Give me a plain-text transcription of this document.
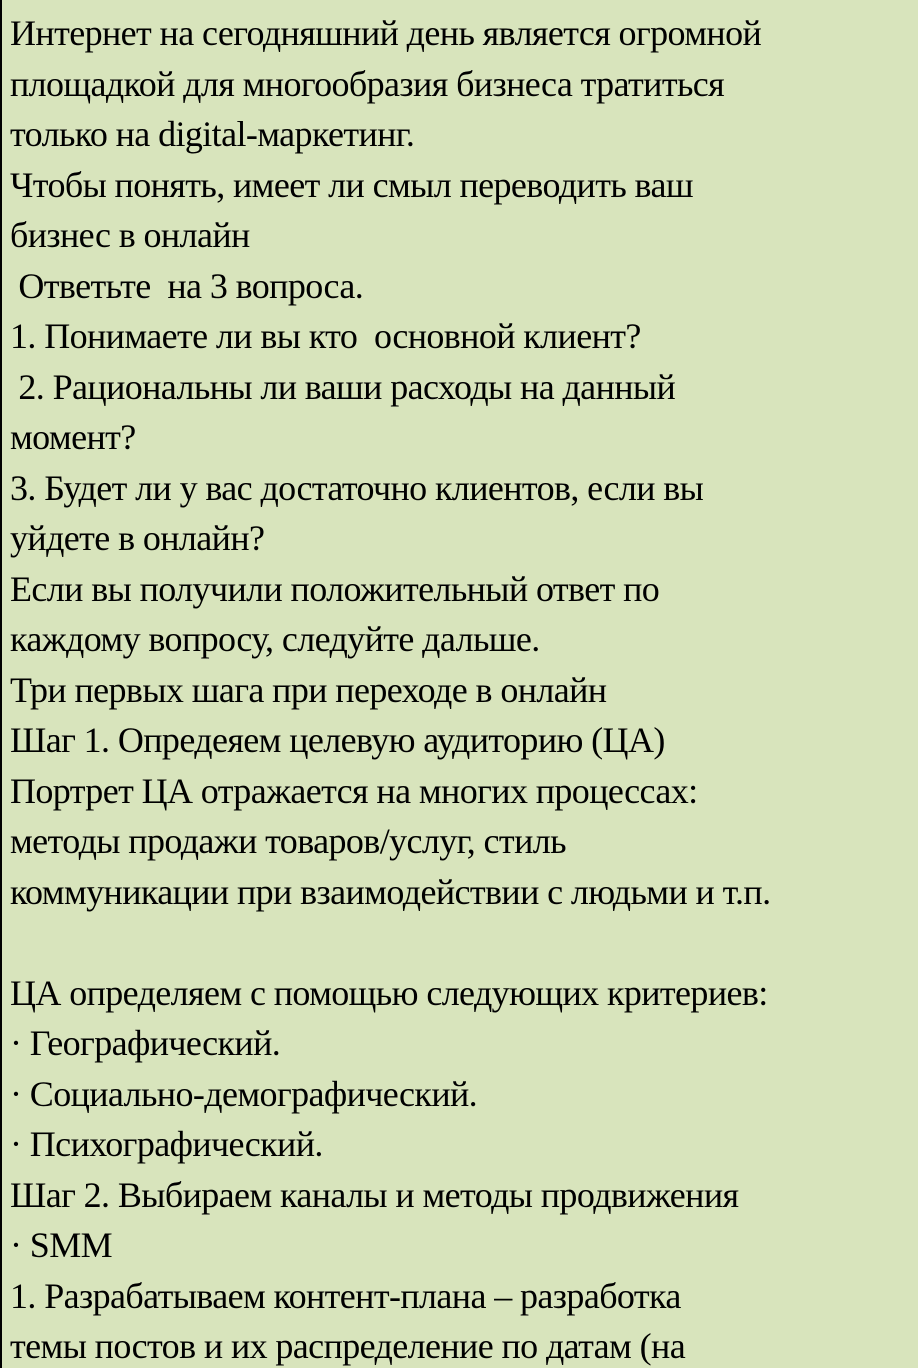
Интернет на сегодняшний день является огромной
площадкой для многообразия бизнеса тратиться
только на digital-маркетинг.
Чтобы понять, имеет ли смыл переводить ваш
бизнес в онлайн
Ответьте  на 3 вопроса.
1. Понимаете ли вы кто  основной клиент?
2. Рациональны ли ваши расходы на данный
момент?
3. Будет ли у вас достаточно клиентов, если вы
уйдете в онлайн?
Если вы получили положительный ответ по
каждому вопросу, следуйте дальше.
Три первых шага при переходе в онлайн
Шаг 1. Опредеяем целевую аудиторию (ЦА)
Портрет ЦА отражается на многих процессах:
методы продажи товаров/услуг, стиль
коммуникации при взаимодействии с людьми и т.п.
ЦА определяем с помощью следующих критериев:
· Географический.
· Социально-демографический.
· Психографический.
Шаг 2. Выбираем каналы и методы продвижения
· SMM
1. Разрабатываем контент-плана – разработка
темы постов и их распределение по датам (на
